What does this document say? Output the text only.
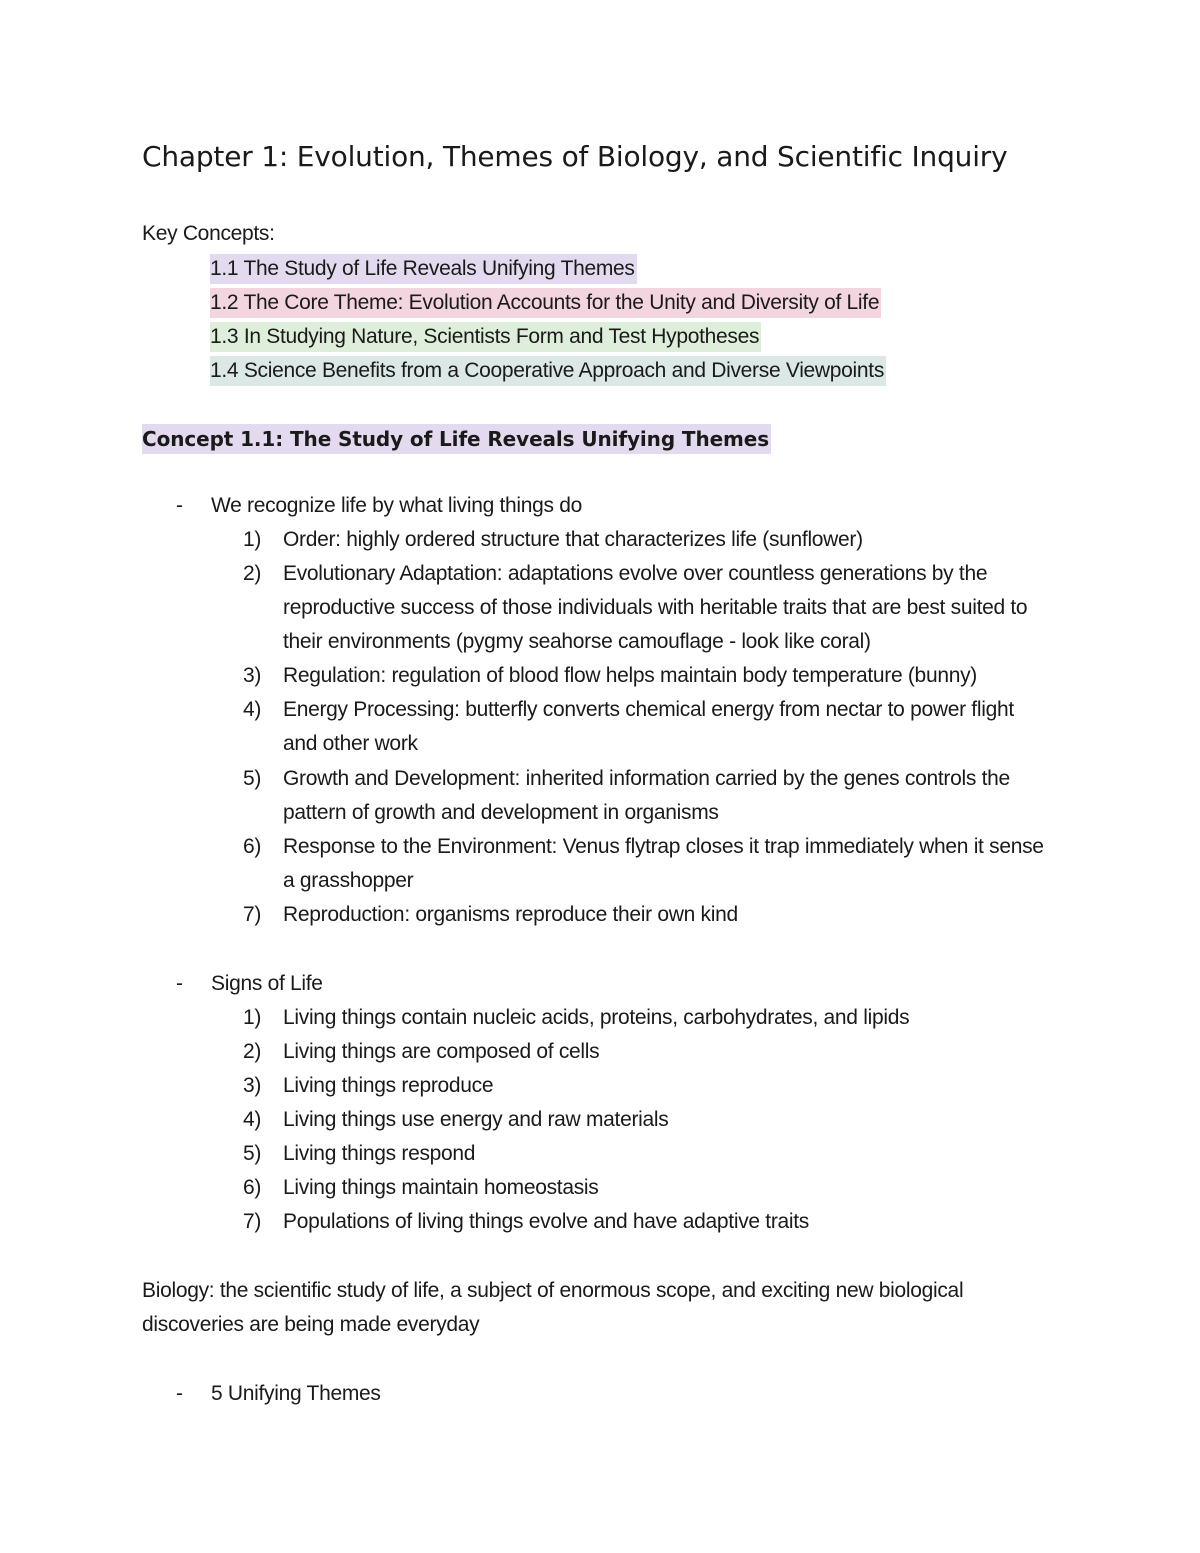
Chapter 1: Evolution, Themes of Biology, and Scientific Inquiry
Key Concepts:
1.1 The Study of Life Reveals Unifying Themes
1.2 The Core Theme: Evolution Accounts for the Unity and Diversity of Life
1.3 In Studying Nature, Scientists Form and Test Hypotheses
1.4 Science Benefits from a Cooperative Approach and Diverse Viewpoints
Concept 1.1: The Study of Life Reveals Unifying Themes
- We recognize life by what living things do
1) Order: highly ordered structure that characterizes life (sunflower)
2) Evolutionary Adaptation: adaptations evolve over countless generations by the
reproductive success of those individuals with heritable traits that are best suited to
their environments (pygmy seahorse camouflage - look like coral)
3) Regulation: regulation of blood flow helps maintain body temperature (bunny)
4) Energy Processing: butterfly converts chemical energy from nectar to power flight
and other work
5) Growth and Development: inherited information carried by the genes controls the
pattern of growth and development in organisms
6) Response to the Environment: Venus flytrap closes it trap immediately when it sense
a grasshopper
7) Reproduction: organisms reproduce their own kind
- Signs of Life
1) Living things contain nucleic acids, proteins, carbohydrates, and lipids
2) Living things are composed of cells
3) Living things reproduce
4) Living things use energy and raw materials
5) Living things respond
6) Living things maintain homeostasis
7) Populations of living things evolve and have adaptive traits
Biology: the scientific study of life, a subject of enormous scope, and exciting new biological
discoveries are being made everyday
- 5 Unifying Themes
